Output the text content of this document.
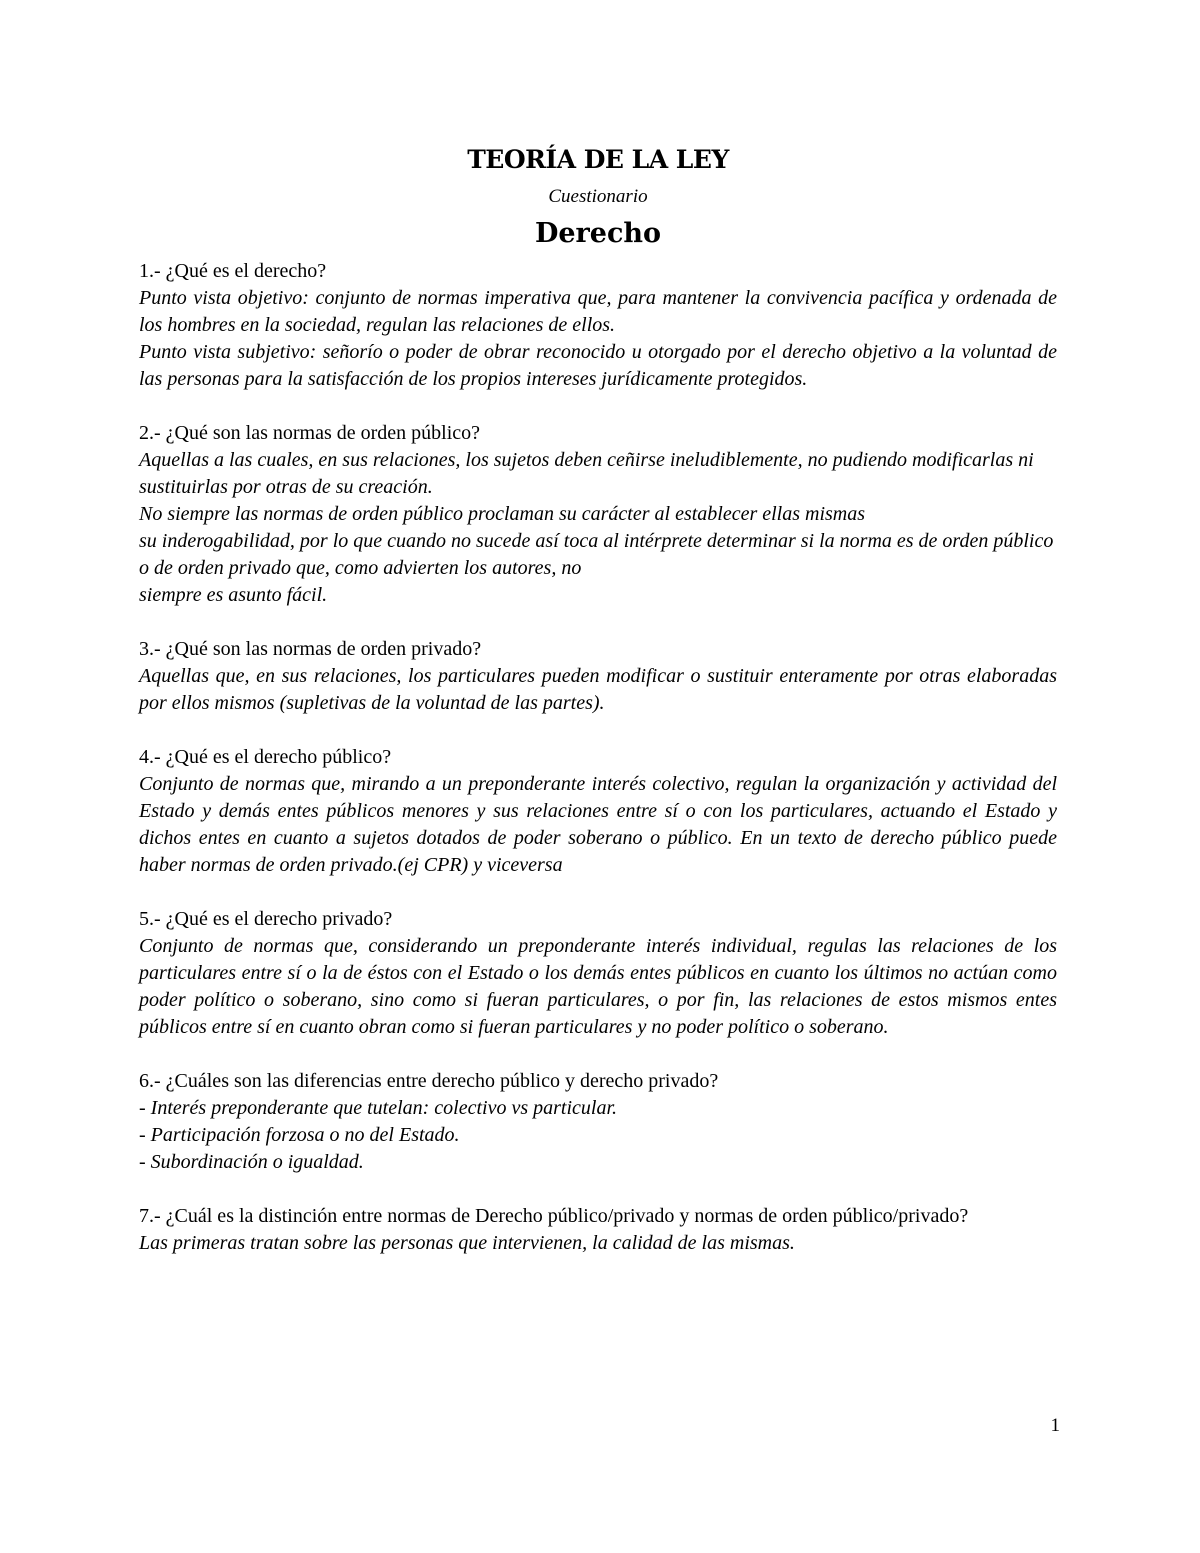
TEORÍA DE LA LEY

Cuestionario

Derecho

1.- ¿Qué es el derecho?

Punto vista objetivo: conjunto de normas imperativa que, para mantener la convivencia pacífica y ordenada de los hombres en la sociedad, regulan las relaciones de ellos.

Punto vista subjetivo: señorío o poder de obrar reconocido u otorgado por el derecho objetivo a la voluntad de las personas para la satisfacción de los propios intereses jurídicamente protegidos.

2.- ¿Qué son las normas de orden público?

Aquellas a las cuales, en sus relaciones, los sujetos deben ceñirse ineludiblemente, no pudiendo modificarlas ni sustituirlas por otras de su creación.

No siempre las normas de orden público proclaman su carácter al establecer ellas mismas

su inderogabilidad, por lo que cuando no sucede así toca al intérprete determinar si la norma es de orden público o de orden privado que, como advierten los autores, no

siempre es asunto fácil.

3.- ¿Qué son las normas de orden privado?

Aquellas que, en sus relaciones, los particulares pueden modificar o sustituir enteramente por otras elaboradas por ellos mismos (supletivas de la voluntad de las partes).

4.- ¿Qué es el derecho público?

Conjunto de normas que, mirando a un preponderante interés colectivo, regulan la organización y actividad del Estado y demás entes públicos menores y sus relaciones entre sí o con los particulares, actuando el Estado y dichos entes en cuanto a sujetos dotados de poder soberano o público. En un texto de derecho público puede haber normas de orden privado.(ej CPR) y viceversa

5.- ¿Qué es el derecho privado?

Conjunto de normas que, considerando un preponderante interés individual, regulas las relaciones de los particulares entre sí o la de éstos con el Estado o los demás entes públicos en cuanto los últimos no actúan como poder político o soberano, sino como si fueran particulares, o por fin, las relaciones de estos mismos entes públicos entre sí en cuanto obran como si fueran particulares y no poder político o soberano.

6.- ¿Cuáles son las diferencias entre derecho público y derecho privado?

- Interés preponderante que tutelan: colectivo vs particular.

- Participación forzosa o no del Estado.

- Subordinación o igualdad.

7.- ¿Cuál es la distinción entre normas de Derecho público/privado y normas de orden público/privado?

Las primeras tratan sobre las personas que intervienen, la calidad de las mismas.

1
